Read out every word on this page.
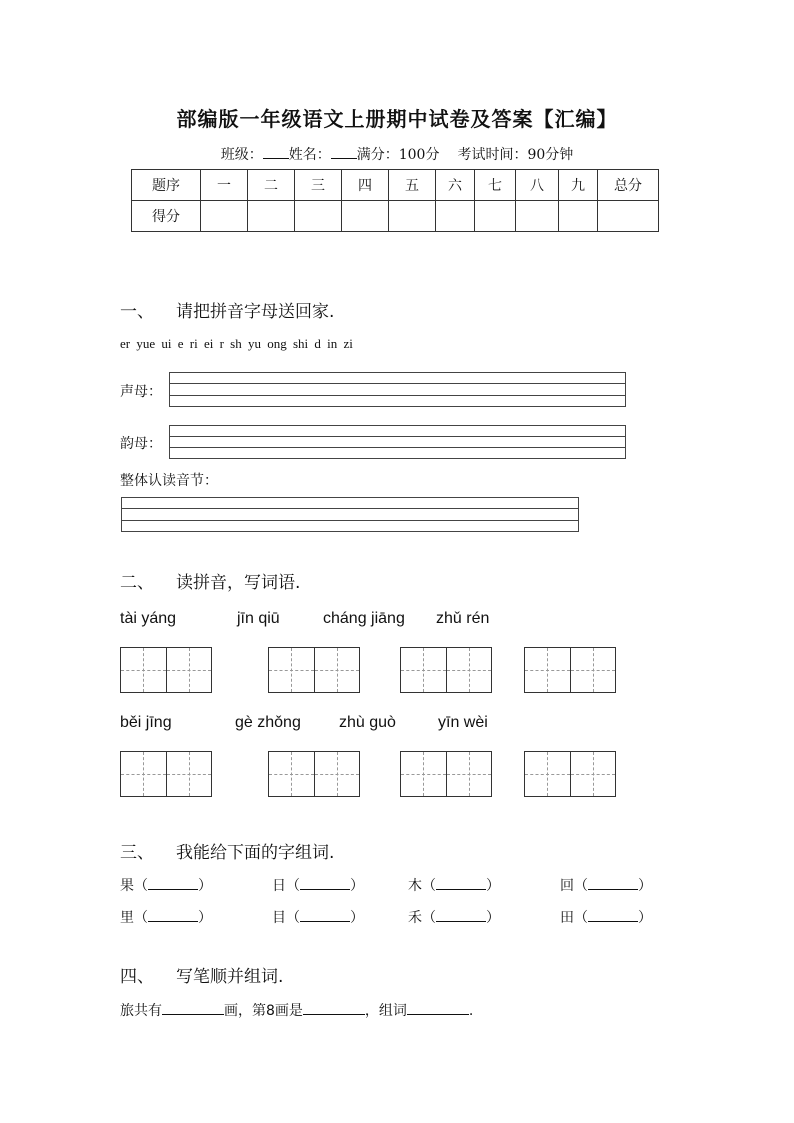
部编版一年级语文上册期中试卷及答案【汇编】
班级： 姓名： 满分：100分 考试时间：90分钟
题序	一	二	三	四	五	六	七	八	九	总分
得分										
一、 请把拼音字母送回家.
er yue ui e ri ei r sh yu ong shi d in zi
声母：
韵母：
整体认读音节：
二、 读拼音，写词语.
tài yáng	jīn qiū	cháng jiāng zhǔ rén
běi jīng	gè zhǒng zhù guò	yīn wèi
三、 我能给下面的字组词.
果（	）	日（	）	木（	）	回（	）
里（	）	目（	）	禾（	）	田（	）
四、 写笔顺并组词.
旅共有	画，第8画是	，组词	.
